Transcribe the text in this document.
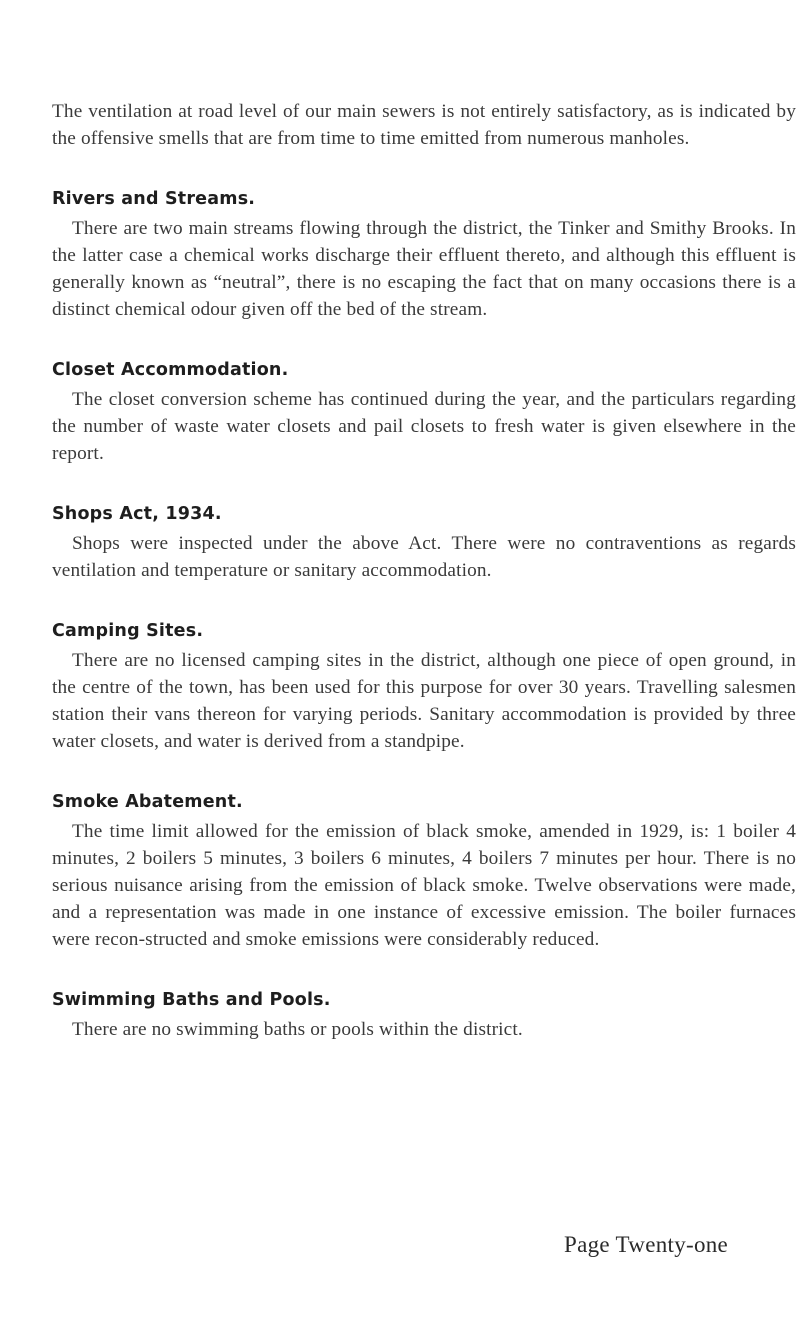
The ventilation at road level of our main sewers is not entirely satisfactory, as is indicated by the offensive smells that are from time to time emitted from numerous manholes.

Rivers and Streams.

There are two main streams flowing through the district, the Tinker and Smithy Brooks. In the latter case a chemical works discharge their effluent thereto, and although this effluent is generally known as “neutral”, there is no escaping the fact that on many occasions there is a distinct chemical odour given off the bed of the stream.

Closet Accommodation.

The closet conversion scheme has continued during the year, and the particulars regarding the number of waste water closets and pail closets to fresh water is given elsewhere in the report.

Shops Act, 1934.

Shops were inspected under the above Act. There were no contraventions as regards ventilation and temperature or sanitary accommodation.

Camping Sites.

There are no licensed camping sites in the district, although one piece of open ground, in the centre of the town, has been used for this purpose for over 30 years. Travelling salesmen station their vans thereon for varying periods. Sanitary accommodation is provided by three water closets, and water is derived from a standpipe.

Smoke Abatement.

The time limit allowed for the emission of black smoke, amended in 1929, is: 1 boiler 4 minutes, 2 boilers 5 minutes, 3 boilers 6 minutes, 4 boilers 7 minutes per hour. There is no serious nuisance arising from the emission of black smoke. Twelve observations were made, and a representation was made in one instance of excessive emission. The boiler furnaces were recon-structed and smoke emissions were considerably reduced.

Swimming Baths and Pools.

There are no swimming baths or pools within the district.

Page Twenty-one
